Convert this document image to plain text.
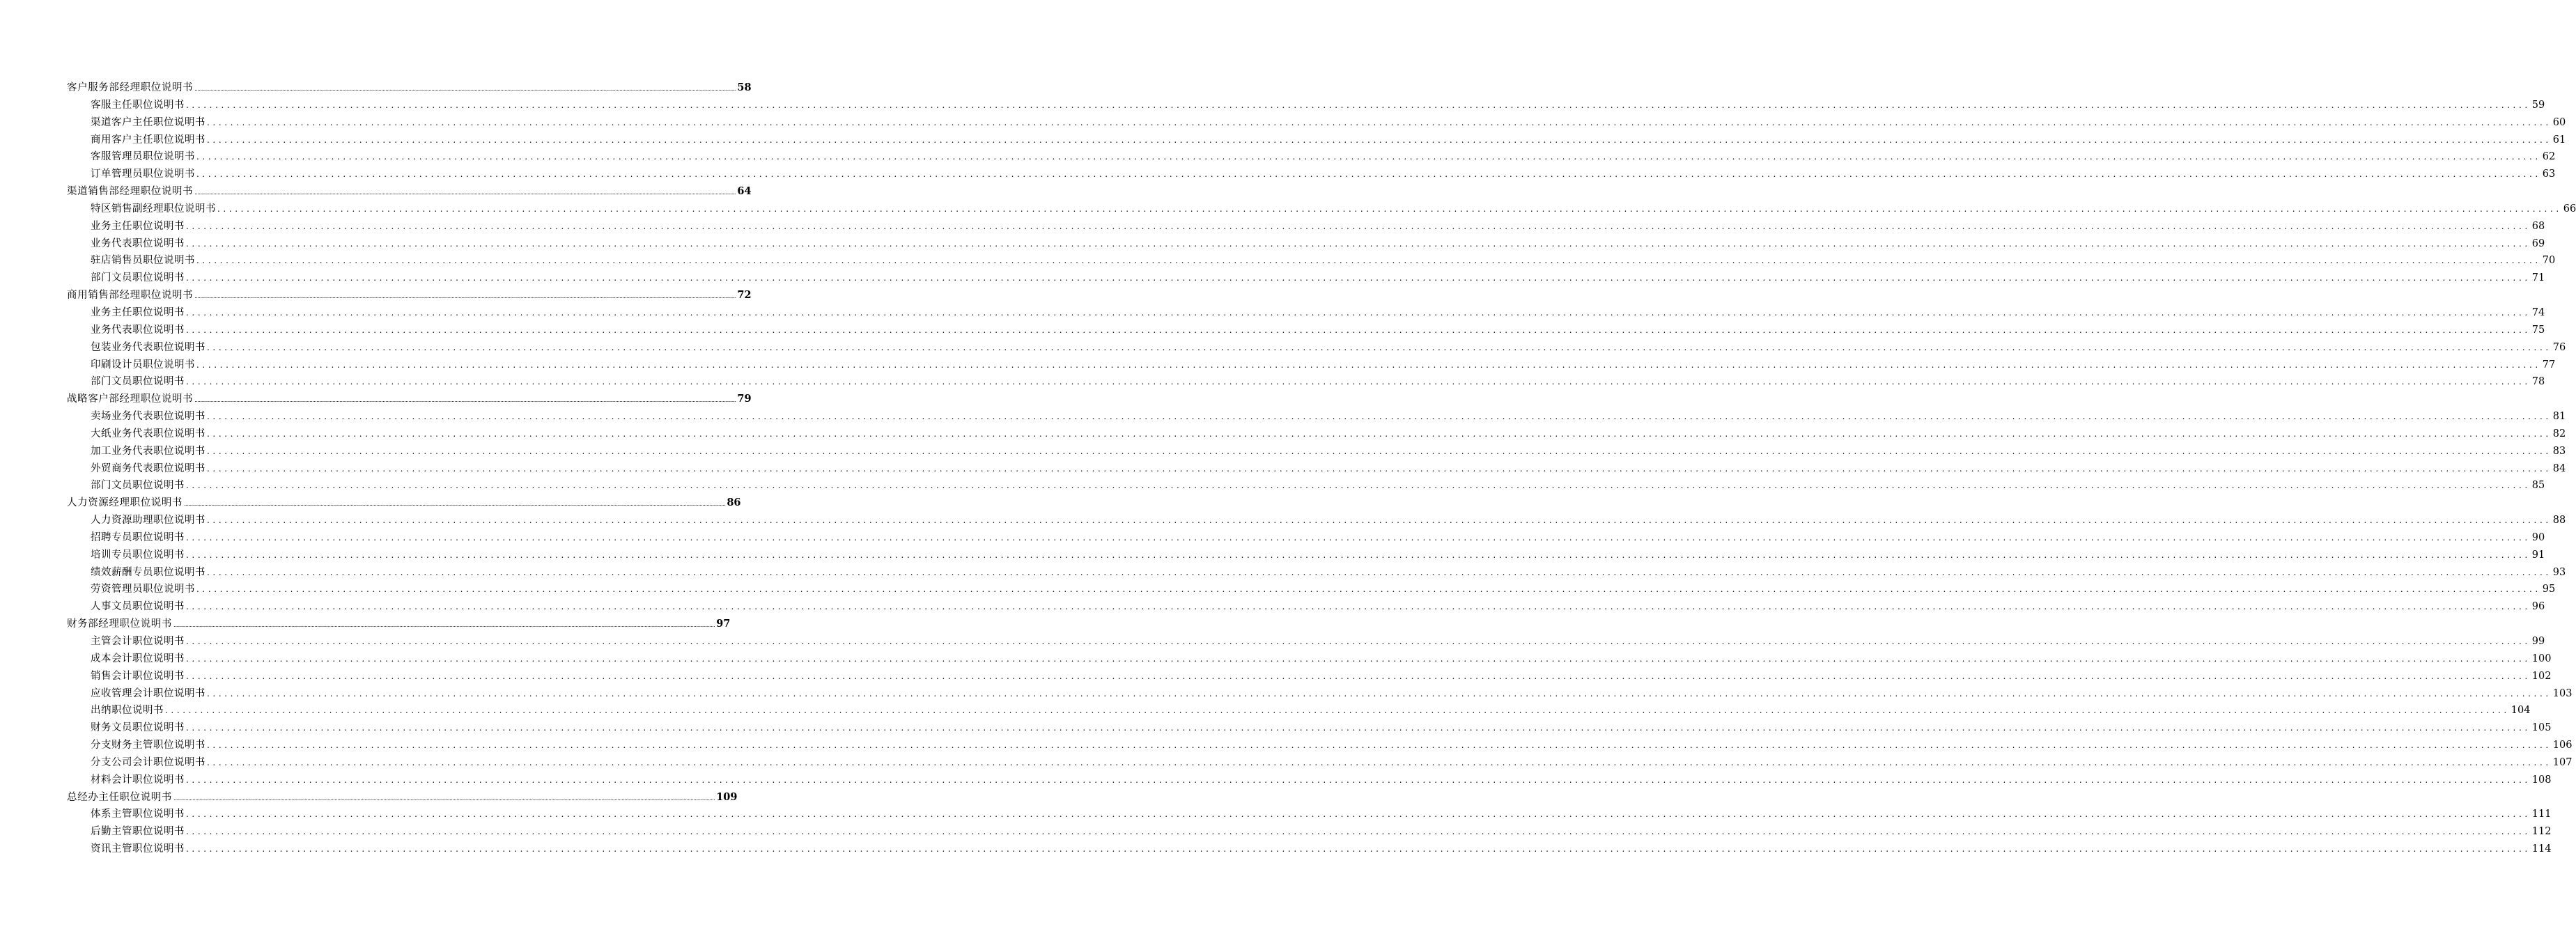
客户服务部经理职位说明书 ................................................................................................................................................................................................................................................................................................................................................................................................................ 58
客服主任职位说明书 ................................................................................................................................................................................................................................................................................................................................................................................................................ 59
渠道客户主任职位说明书 ................................................................................................................................................................................................................................................................................................................................................................................................................ 60
商用客户主任职位说明书 ................................................................................................................................................................................................................................................................................................................................................................................................................ 61
客服管理员职位说明书 ................................................................................................................................................................................................................................................................................................................................................................................................................ 62
订单管理员职位说明书 ................................................................................................................................................................................................................................................................................................................................................................................................................ 63
渠道销售部经理职位说明书 ................................................................................................................................................................................................................................................................................................................................................................................................................ 64
特区销售副经理职位说明书 ................................................................................................................................................................................................................................................................................................................................................................................................................ 66
业务主任职位说明书 ................................................................................................................................................................................................................................................................................................................................................................................................................ 68
业务代表职位说明书 ................................................................................................................................................................................................................................................................................................................................................................................................................ 69
驻店销售员职位说明书 ................................................................................................................................................................................................................................................................................................................................................................................................................ 70
部门文员职位说明书 ................................................................................................................................................................................................................................................................................................................................................................................................................ 71
商用销售部经理职位说明书 ................................................................................................................................................................................................................................................................................................................................................................................................................ 72
业务主任职位说明书 ................................................................................................................................................................................................................................................................................................................................................................................................................ 74
业务代表职位说明书 ................................................................................................................................................................................................................................................................................................................................................................................................................ 75
包装业务代表职位说明书 ................................................................................................................................................................................................................................................................................................................................................................................................................ 76
印刷设计员职位说明书 ................................................................................................................................................................................................................................................................................................................................................................................................................ 77
部门文员职位说明书 ................................................................................................................................................................................................................................................................................................................................................................................................................ 78
战略客户部经理职位说明书 ................................................................................................................................................................................................................................................................................................................................................................................................................ 79
卖场业务代表职位说明书 ................................................................................................................................................................................................................................................................................................................................................................................................................ 81
大纸业务代表职位说明书 ................................................................................................................................................................................................................................................................................................................................................................................................................ 82
加工业务代表职位说明书 ................................................................................................................................................................................................................................................................................................................................................................................................................ 83
外贸商务代表职位说明书 ................................................................................................................................................................................................................................................................................................................................................................................................................ 84
部门文员职位说明书 ................................................................................................................................................................................................................................................................................................................................................................................................................ 85
人力资源经理职位说明书 ................................................................................................................................................................................................................................................................................................................................................................................................................ 86
人力资源助理职位说明书 ................................................................................................................................................................................................................................................................................................................................................................................................................ 88
招聘专员职位说明书 ................................................................................................................................................................................................................................................................................................................................................................................................................ 90
培训专员职位说明书 ................................................................................................................................................................................................................................................................................................................................................................................................................ 91
绩效薪酬专员职位说明书 ................................................................................................................................................................................................................................................................................................................................................................................................................ 93
劳资管理员职位说明书 ................................................................................................................................................................................................................................................................................................................................................................................................................ 95
人事文员职位说明书 ................................................................................................................................................................................................................................................................................................................................................................................................................ 96
财务部经理职位说明书 ................................................................................................................................................................................................................................................................................................................................................................................................................ 97
主管会计职位说明书 ................................................................................................................................................................................................................................................................................................................................................................................................................ 99
成本会计职位说明书 ................................................................................................................................................................................................................................................................................................................................................................................................................ 100
销售会计职位说明书 ................................................................................................................................................................................................................................................................................................................................................................................................................ 102
应收管理会计职位说明书 ................................................................................................................................................................................................................................................................................................................................................................................................................ 103
出纳职位说明书 ................................................................................................................................................................................................................................................................................................................................................................................................................ 104
财务文员职位说明书 ................................................................................................................................................................................................................................................................................................................................................................................................................ 105
分支财务主管职位说明书 ................................................................................................................................................................................................................................................................................................................................................................................................................ 106
分支公司会计职位说明书 ................................................................................................................................................................................................................................................................................................................................................................................................................ 107
材料会计职位说明书 ................................................................................................................................................................................................................................................................................................................................................................................................................ 108
总经办主任职位说明书 ................................................................................................................................................................................................................................................................................................................................................................................................................ 109
体系主管职位说明书 ................................................................................................................................................................................................................................................................................................................................................................................................................ 111
后勤主管职位说明书 ................................................................................................................................................................................................................................................................................................................................................................................................................ 112
资讯主管职位说明书 ................................................................................................................................................................................................................................................................................................................................................................................................................ 114
